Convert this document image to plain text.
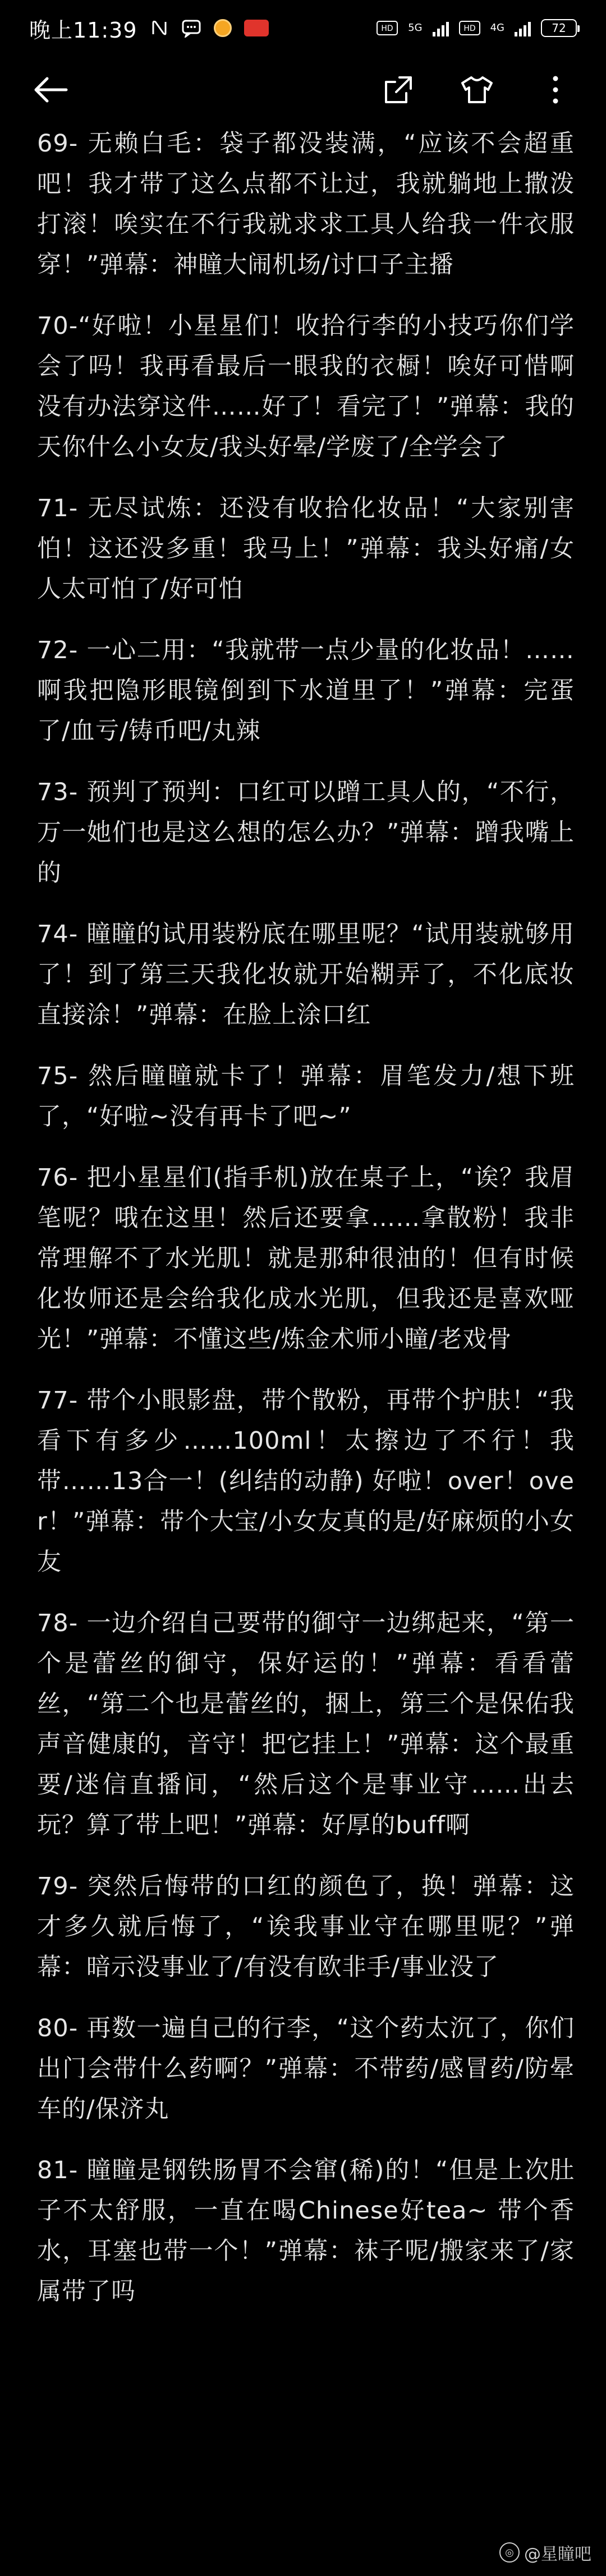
晚上11:39	HD 5G	HD 4G	72

69- 无赖白毛：袋子都没装满，“应该不会超重吧！我才带了这么点都不让过，我就躺地上撒泼打滚！唉实在不行我就求求工具人给我一件衣服穿！”弹幕：神瞳大闹机场/讨口子主播

70-“好啦！小星星们！收拾行李的小技巧你们学会了吗！我再看最后一眼我的衣橱！唉好可惜啊没有办法穿这件……好了！看完了！”弹幕：我的天你什么小女友/我头好晕/学废了/全学会了

71- 无尽试炼：还没有收拾化妆品！“大家别害怕！这还没多重！我马上！”弹幕：我头好痛/女人太可怕了/好可怕

72- 一心二用：“我就带一点少量的化妆品！……啊我把隐形眼镜倒到下水道里了！”弹幕：完蛋了/血亏/铸币吧/丸辣

73- 预判了预判：口红可以蹭工具人的，“不行，万一她们也是这么想的怎么办？”弹幕：蹭我嘴上的

74- 瞳瞳的试用装粉底在哪里呢？“试用装就够用了！到了第三天我化妆就开始糊弄了，不化底妆直接涂！”弹幕：在脸上涂口红

75- 然后瞳瞳就卡了！弹幕：眉笔发力/想下班了，“好啦~没有再卡了吧~”

76- 把小星星们(指手机)放在桌子上，“诶？我眉笔呢？哦在这里！然后还要拿……拿散粉！我非常理解不了水光肌！就是那种很油的！但有时候化妆师还是会给我化成水光肌，但我还是喜欢哑光！”弹幕：不懂这些/炼金术师小瞳/老戏骨

77- 带个小眼影盘，带个散粉，再带个护肤！“我看下有多少……100ml！太擦边了不行！我带……13合一！(纠结的动静) 好啦！over！over！”弹幕：带个大宝/小女友真的是/好麻烦的小女友

78- 一边介绍自己要带的御守一边绑起来，“第一个是蕾丝的御守，保好运的！”弹幕：看看蕾丝，“第二个也是蕾丝的，捆上，第三个是保佑我声音健康的，音守！把它挂上！”弹幕：这个最重要/迷信直播间，“然后这个是事业守……出去玩？算了带上吧！”弹幕：好厚的buff啊

79- 突然后悔带的口红的颜色了，换！弹幕：这才多久就后悔了，“诶我事业守在哪里呢？”弹幕：暗示没事业了/有没有欧非手/事业没了

80- 再数一遍自己的行李，“这个药太沉了，你们出门会带什么药啊？”弹幕：不带药/感冒药/防晕车的/保济丸

81- 瞳瞳是钢铁肠胃不会窜(稀)的！“但是上次肚子不太舒服，一直在喝Chinese好tea~ 带个香水，耳塞也带一个！”弹幕：袜子呢/搬家来了/家属带了吗

◎ @星瞳吧
